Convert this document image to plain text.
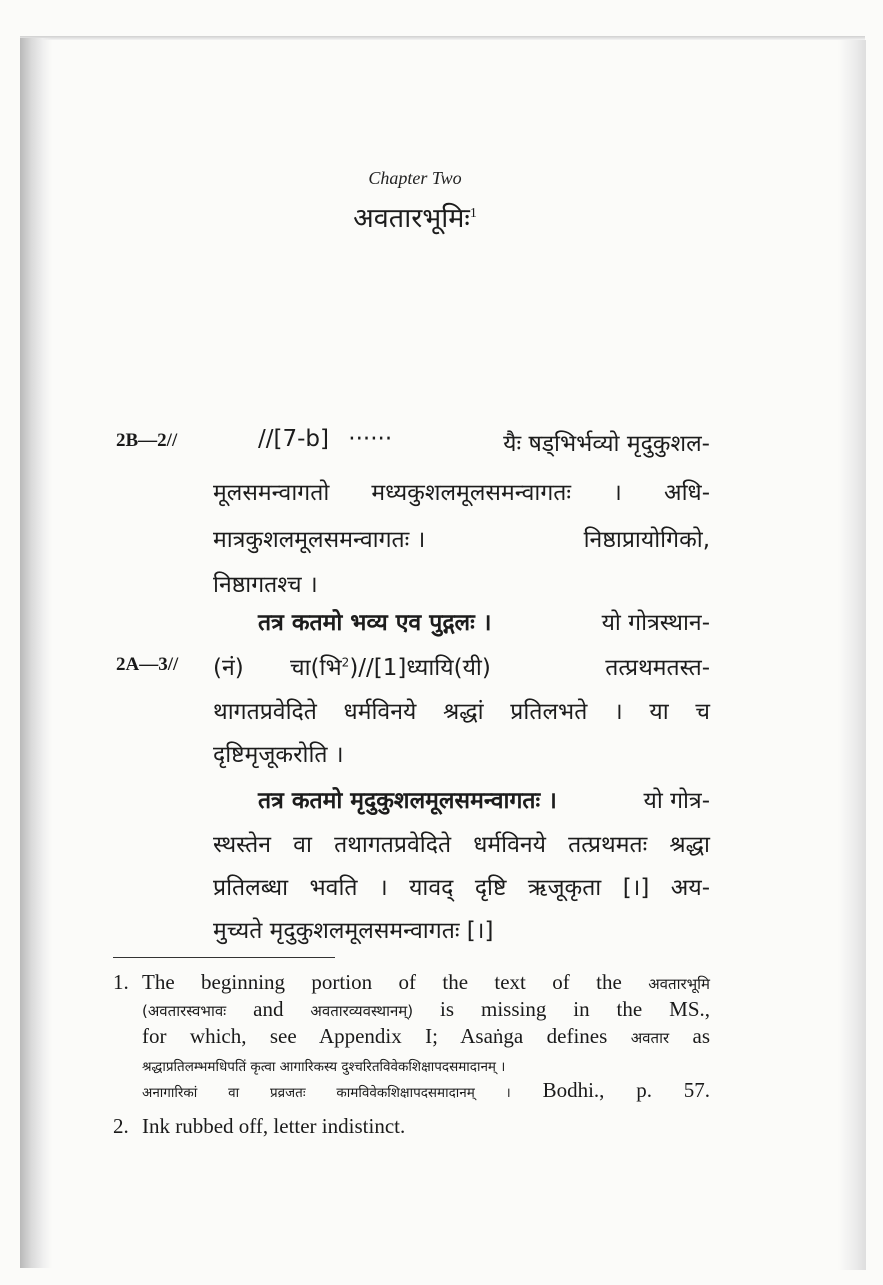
Chapter Two
अवतारभूमिः$^1$
2B—2//	//[7-b] ······	यैः षड्भिर्भव्यो मृदुकुशल-
मूलसमन्वागतो मध्यकुशलमूलसमन्वागतः । अधि-
मात्रकुशलमूलसमन्वागतः ।	निष्ठाप्रायोगिको,
निष्ठागतश्च ।
तत्र कतमो भव्य एव पुद्गलः ।	यो गोत्रस्थान-
2A—3// (नं) चा(भि$^2$)//[1]ध्यायि(यी)	तत्प्रथमतस्त-
थागतप्रवेदिते धर्मविनये श्रद्धां प्रतिलभते । या च
दृष्टिमृजूकरोति ।
तत्र कतमो मृदुकुशलमूलसमन्वागतः ।	यो गोत्र-
स्थस्तेन वा तथागतप्रवेदिते धर्मविनये तत्प्रथमतः श्रद्धा
प्रतिलब्धा भवति । यावद् दृष्टि ऋजूकृता [।] अय-
मुच्यते मृदुकुशलमूलसमन्वागतः [।]
1. The beginning portion of the text of the अवतारभूमि
(अवतारस्वभावः and अवतारव्यवस्थानम्) is missing in the MS.,
for which, see Appendix I; Asaṅga defines अवतार as
श्रद्धाप्रतिलम्भमधिपतिं कृत्वा आगारिकस्य दुश्चरितविवेकशिक्षापदसमादानम् ।
अनागारिकां वा प्रव्रजतः कामविवेकशिक्षापदसमादानम् । Bodhi., p. 57.
2. Ink rubbed off, letter indistinct.
